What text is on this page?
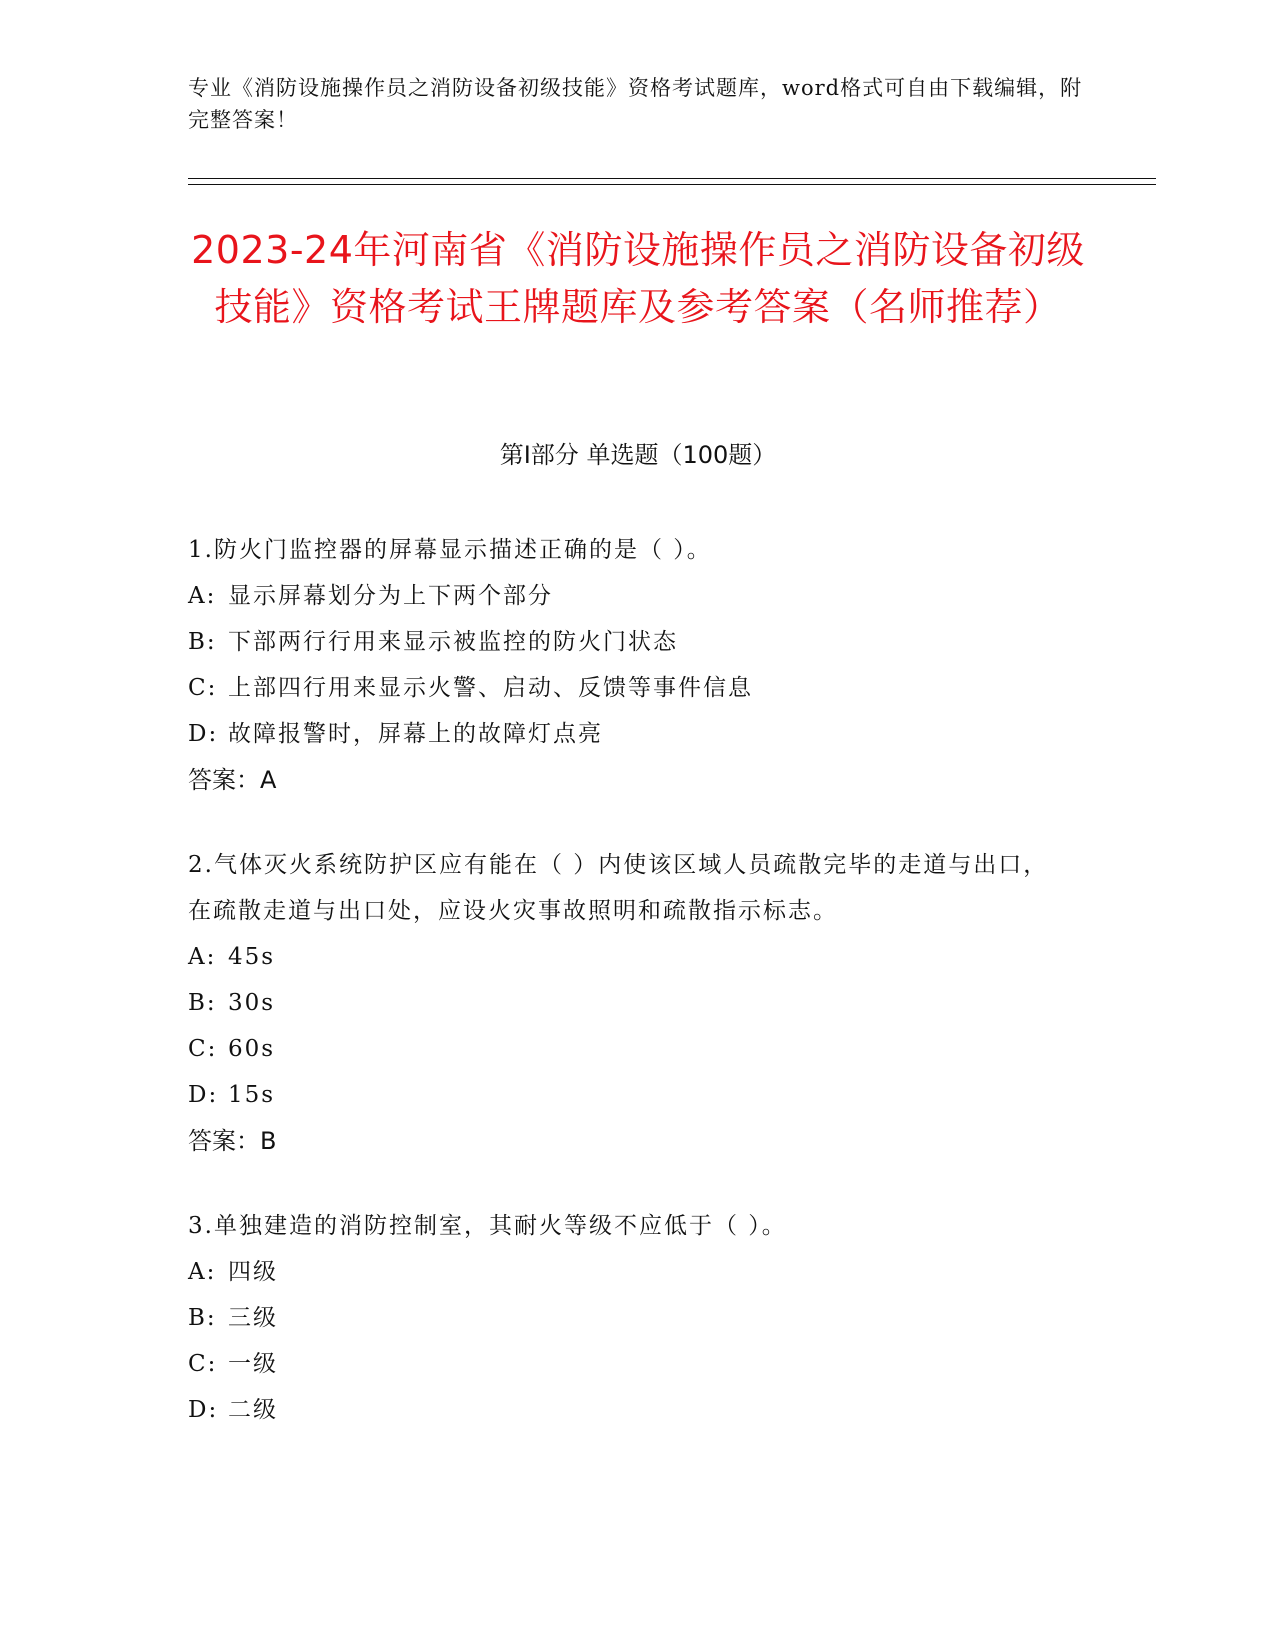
专业《消防设施操作员之消防设备初级技能》资格考试题库，word格式可自由下载编辑，附完整答案！
2023-24年河南省《消防设施操作员之消防设备初级技能》资格考试王牌题库及参考答案（名师推荐）
第I部分 单选题（100题）

1.防火门监控器的屏幕显示描述正确的是（ ）。

A: 显示屏幕划分为上下两个部分

B: 下部两行行用来显示被监控的防火门状态

C: 上部四行用来显示火警、启动、反馈等事件信息

D: 故障报警时，屏幕上的故障灯点亮

答案：A

2.气体灭火系统防护区应有能在（ ）内使该区域人员疏散完毕的走道与出口，在疏散走道与出口处，应设火灾事故照明和疏散指示标志。

A: 45s

B: 30s

C: 60s

D: 15s

答案：B

3.单独建造的消防控制室，其耐火等级不应低于（ ）。

A: 四级

B: 三级

C: 一级

D: 二级
